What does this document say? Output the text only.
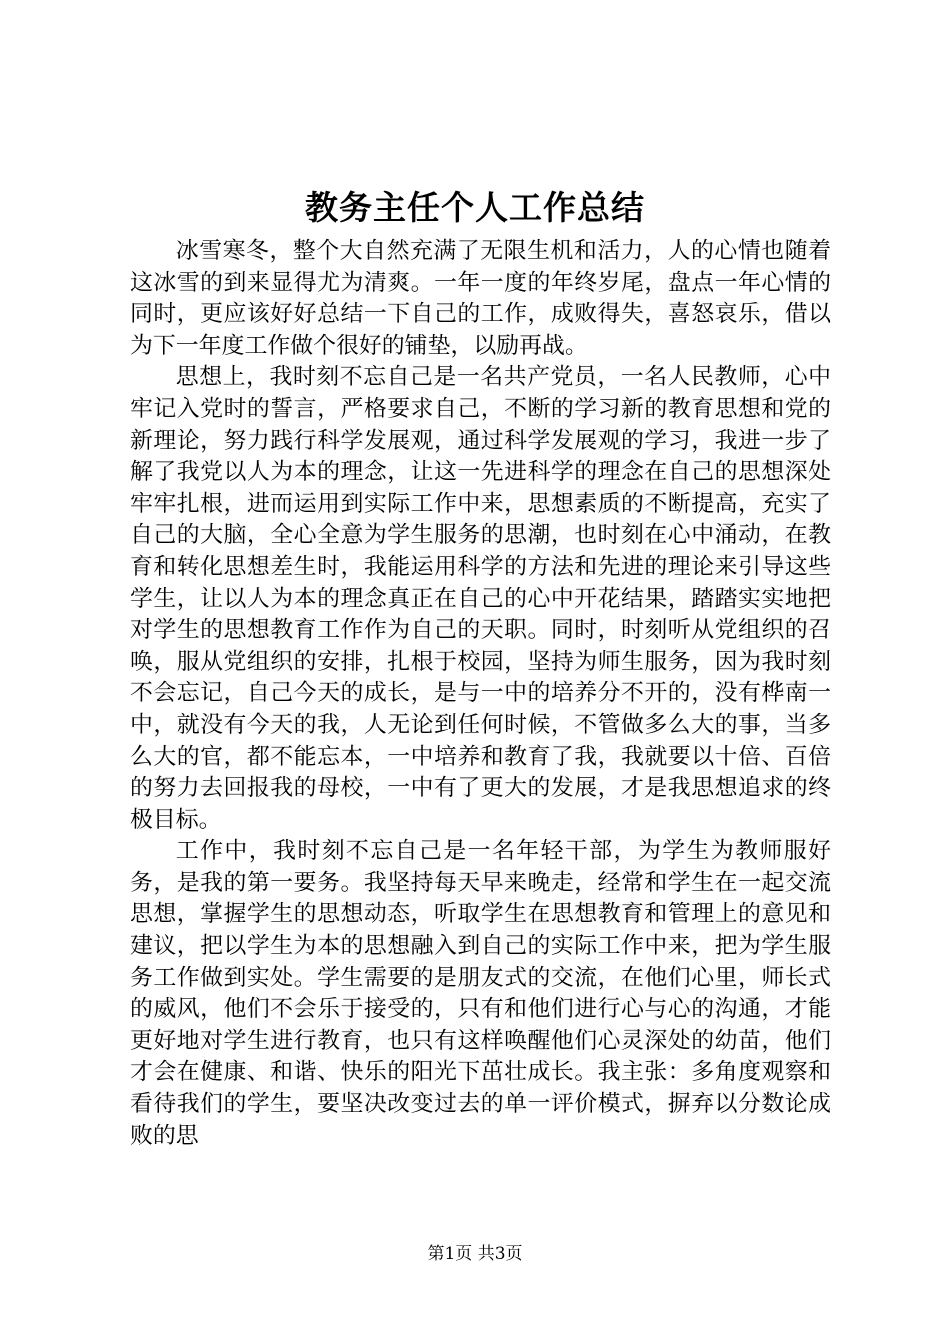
教务主任个人工作总结

冰雪寒冬，整个大自然充满了无限生机和活力，人的心情也随着这冰雪的到来显得尤为清爽。一年一度的年终岁尾，盘点一年心情的同时，更应该好好总结一下自己的工作，成败得失，喜怒哀乐，借以为下一年度工作做个很好的铺垫，以励再战。

思想上，我时刻不忘自己是一名共产党员，一名人民教师，心中牢记入党时的誓言，严格要求自己，不断的学习新的教育思想和党的新理论，努力践行科学发展观，通过科学发展观的学习，我进一步了解了我党以人为本的理念，让这一先进科学的理念在自己的思想深处牢牢扎根，进而运用到实际工作中来，思想素质的不断提高，充实了自己的大脑，全心全意为学生服务的思潮，也时刻在心中涌动，在教育和转化思想差生时，我能运用科学的方法和先进的理论来引导这些学生，让以人为本的理念真正在自己的心中开花结果，踏踏实实地把对学生的思想教育工作作为自己的天职。同时，时刻听从党组织的召唤，服从党组织的安排，扎根于校园，坚持为师生服务，因为我时刻不会忘记，自己今天的成长，是与一中的培养分不开的，没有桦南一中，就没有今天的我，人无论到任何时候，不管做多么大的事，当多么大的官，都不能忘本，一中培养和教育了我，我就要以十倍、百倍的努力去回报我的母校，一中有了更大的发展，才是我思想追求的终极目标。

工作中，我时刻不忘自己是一名年轻干部，为学生为教师服好务，是我的第一要务。我坚持每天早来晚走，经常和学生在一起交流思想，掌握学生的思想动态，听取学生在思想教育和管理上的意见和建议，把以学生为本的思想融入到自己的实际工作中来，把为学生服务工作做到实处。学生需要的是朋友式的交流，在他们心里，师长式的威风，他们不会乐于接受的，只有和他们进行心与心的沟通，才能更好地对学生进行教育，也只有这样唤醒他们心灵深处的幼苗，他们才会在健康、和谐、快乐的阳光下茁壮成长。我主张：多角度观察和看待我们的学生，要坚决改变过去的单一评价模式，摒弃以分数论成败的思

第1页 共3页
